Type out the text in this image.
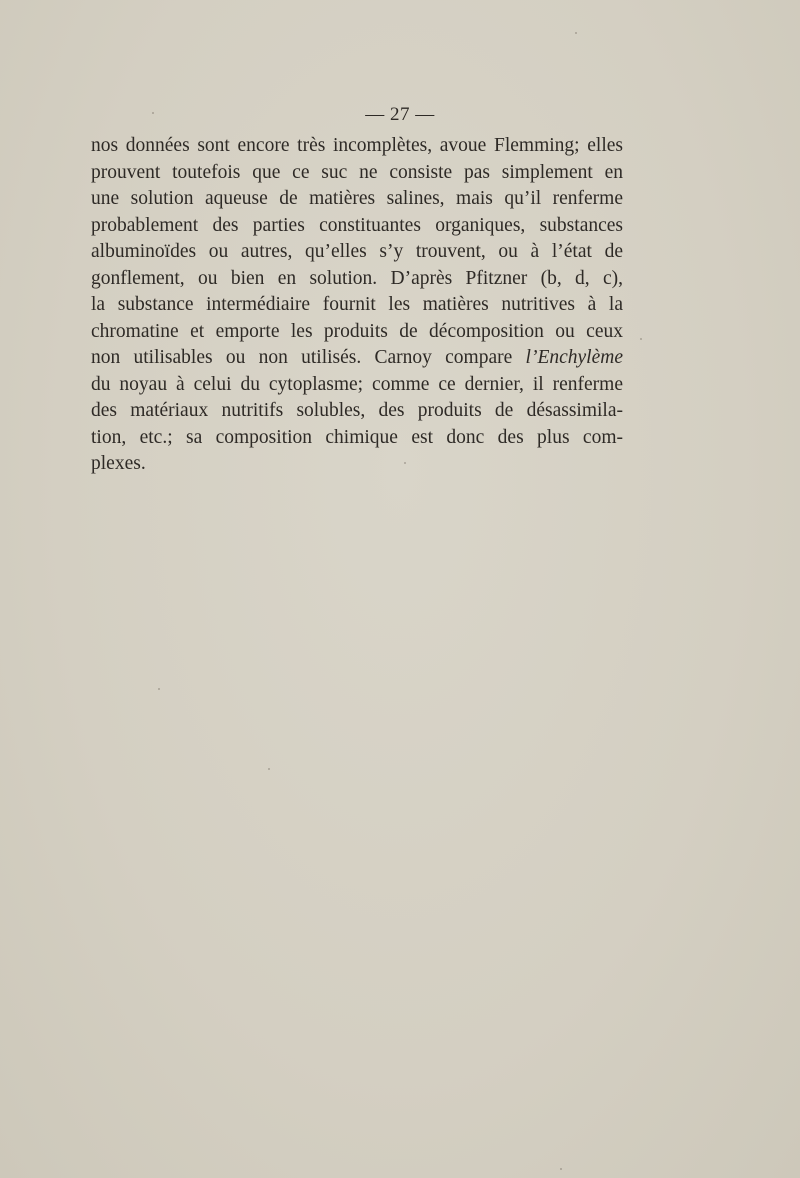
— 27 —
nos données sont encore très incomplètes, avoue Flemming; elles
prouvent toutefois que ce suc ne consiste pas simplement en
une solution aqueuse de matières salines, mais qu’il renferme
probablement des parties constituantes organiques, substances
albuminoïdes ou autres, qu’elles s’y trouvent, ou à l’état de
gonflement, ou bien en solution. D’après Pfitzner (b, d, c),
la substance intermédiaire fournit les matières nutritives à la
chromatine et emporte les produits de décomposition ou ceux
non utilisables ou non utilisés. Carnoy compare l’Enchylème
du noyau à celui du cytoplasme; comme ce dernier, il renferme
des matériaux nutritifs solubles, des produits de désassimila-
tion, etc.; sa composition chimique est donc des plus com-
plexes.
